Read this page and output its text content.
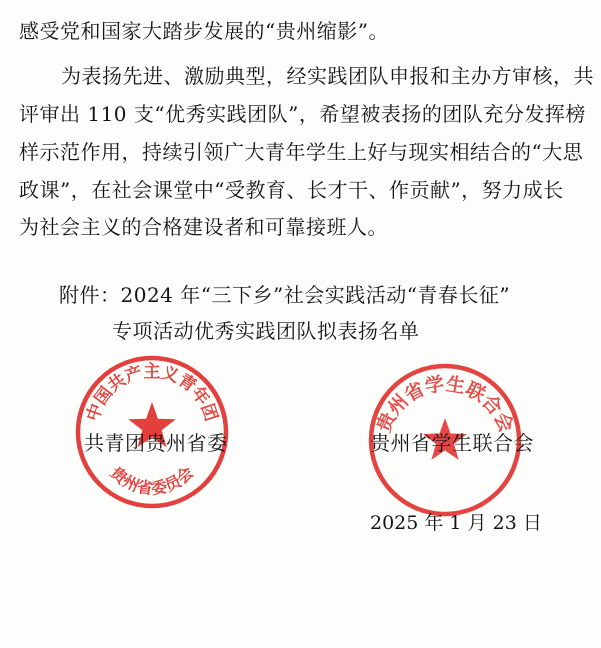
感受党和国家大踏步发展的“贵州缩影”。
为表扬先进、激励典型，经实践团队申报和主办方审核，共
评审出 110 支“优秀实践团队”，希望被表扬的团队充分发挥榜
样示范作用，持续引领广大青年学生上好与现实相结合的“大思
政课”，在社会课堂中“受教育、长才干、作贡献”，努力成长
为社会主义的合格建设者和可靠接班人。
附件：2024 年“三下乡”社会实践活动“青春长征”
专项活动优秀实践团队拟表扬名单
中国共产主义青年团
贵州省委员会
贵州省学生联合会
共青团贵州省委	贵州省学生联合会
2025 年 1 月 23 日
